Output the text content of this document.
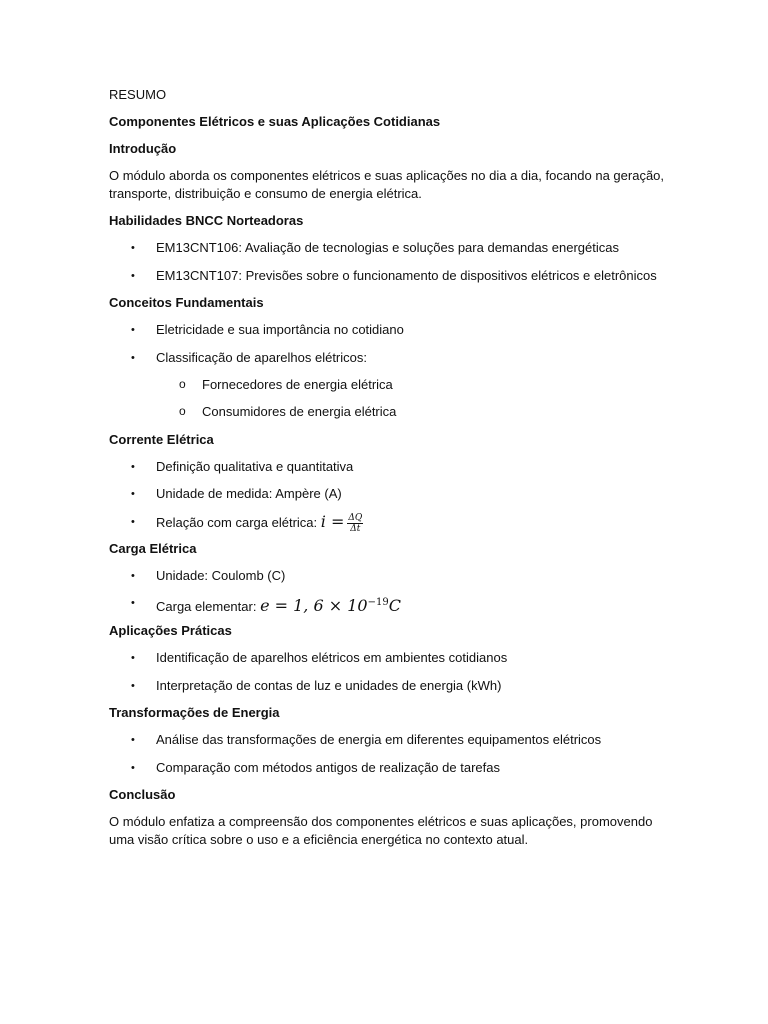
RESUMO

Componentes Elétricos e suas Aplicações Cotidianas

Introdução

O módulo aborda os componentes elétricos e suas aplicações no dia a dia, focando na geração, transporte, distribuição e consumo de energia elétrica.

Habilidades BNCC Norteadoras

• EM13CNT106: Avaliação de tecnologias e soluções para demandas energéticas
• EM13CNT107: Previsões sobre o funcionamento de dispositivos elétricos e eletrônicos

Conceitos Fundamentais

• Eletricidade e sua importância no cotidiano
• Classificação de aparelhos elétricos:
o Fornecedores de energia elétrica
o Consumidores de energia elétrica

Corrente Elétrica

• Definição qualitativa e quantitativa
• Unidade de medida: Ampère (A)
• Relação com carga elétrica: $i = \frac{\Delta Q}{\Delta t}$

Carga Elétrica

• Unidade: Coulomb (C)
• Carga elementar: e = 1, $6 \times 10^{-19}C$

Aplicações Práticas

• Identificação de aparelhos elétricos em ambientes cotidianos
• Interpretação de contas de luz e unidades de energia (kWh)

Transformações de Energia

• Análise das transformações de energia em diferentes equipamentos elétricos
• Comparação com métodos antigos de realização de tarefas

Conclusão

O módulo enfatiza a compreensão dos componentes elétricos e suas aplicações, promovendo uma visão crítica sobre o uso e a eficiência energética no contexto atual.
